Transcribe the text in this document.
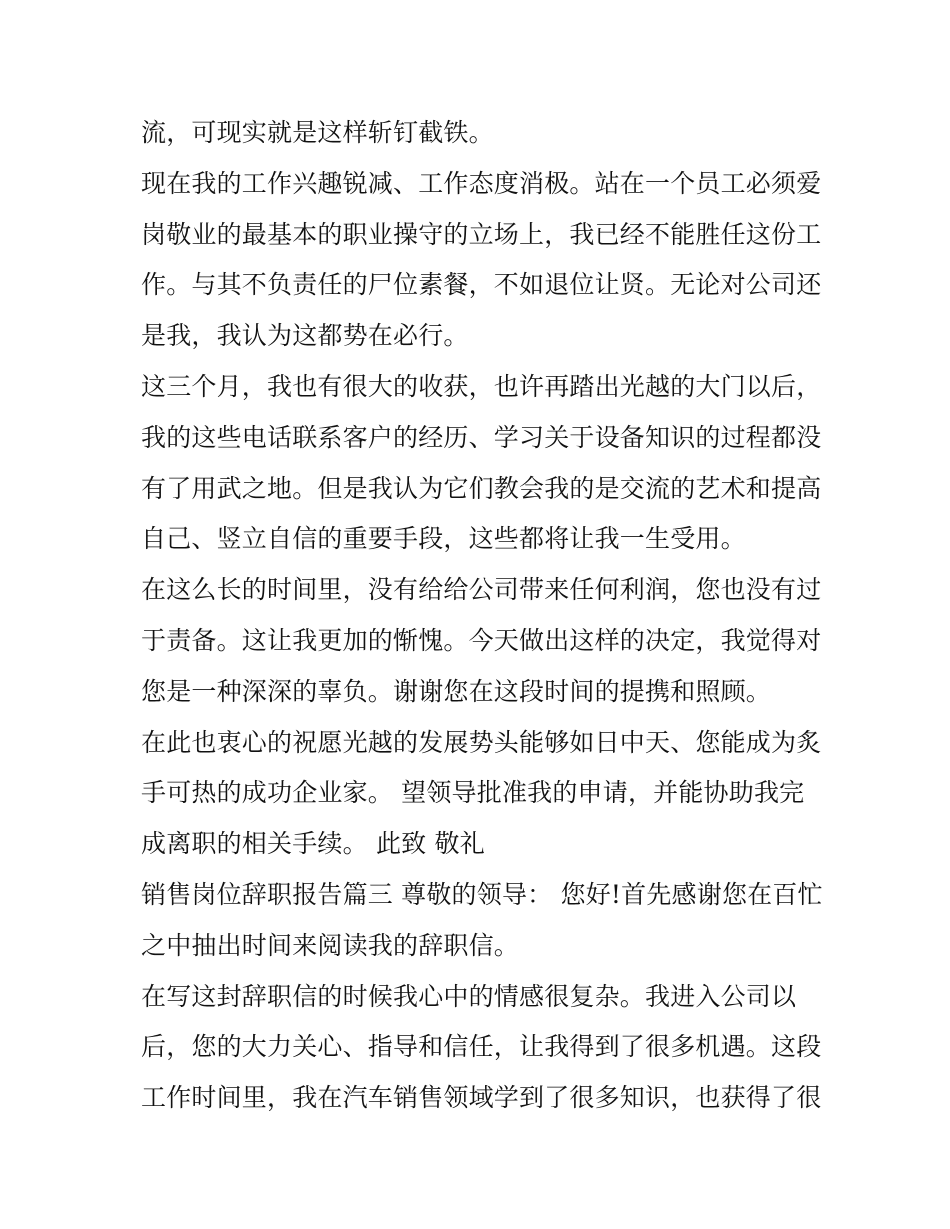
流，可现实就是这样斩钉截铁。
现在我的工作兴趣锐减、工作态度消极。站在一个员工必须爱
岗敬业的最基本的职业操守的立场上，我已经不能胜任这份工
作。与其不负责任的尸位素餐，不如退位让贤。无论对公司还
是我，我认为这都势在必行。
这三个月，我也有很大的收获，也许再踏出光越的大门以后，
我的这些电话联系客户的经历、学习关于设备知识的过程都没
有了用武之地。但是我认为它们教会我的是交流的艺术和提高
自己、竖立自信的重要手段，这些都将让我一生受用。
在这么长的时间里，没有给给公司带来任何利润，您也没有过
于责备。这让我更加的惭愧。今天做出这样的决定，我觉得对
您是一种深深的辜负。谢谢您在这段时间的提携和照顾。
在此也衷心的祝愿光越的发展势头能够如日中天、您能成为炙
手可热的成功企业家。 望领导批准我的申请，并能协助我完
成离职的相关手续。 此致 敬礼
销售岗位辞职报告篇三 尊敬的领导： 您好!首先感谢您在百忙
之中抽出时间来阅读我的辞职信。
在写这封辞职信的时候我心中的情感很复杂。我进入公司以
后，您的大力关心、指导和信任，让我得到了很多机遇。这段
工作时间里，我在汽车销售领域学到了很多知识，也获得了很
